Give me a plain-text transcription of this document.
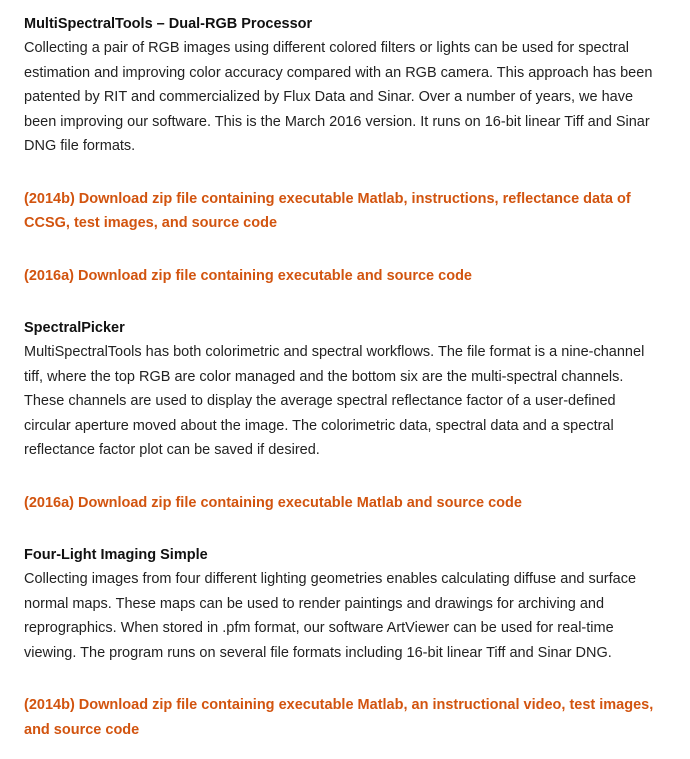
MultiSpectralTools – Dual-RGB Processor
Collecting a pair of RGB images using different colored filters or lights can be used for spectral estimation and improving color accuracy compared with an RGB camera. This approach has been patented by RIT and commercialized by Flux Data and Sinar. Over a number of years, we have been improving our software. This is the March 2016 version. It runs on 16-bit linear Tiff and Sinar DNG file formats.
(2014b) Download zip file containing executable Matlab, instructions, reflectance data of CCSG, test images, and source code
(2016a) Download zip file containing executable and source code
SpectralPicker
MultiSpectralTools has both colorimetric and spectral workflows. The file format is a nine-channel tiff, where the top RGB are color managed and the bottom six are the multi-spectral channels. These channels are used to display the average spectral reflectance factor of a user-defined circular aperture moved about the image. The colorimetric data, spectral data and a spectral reflectance factor plot can be saved if desired.
(2016a) Download zip file containing executable Matlab and source code
Four-Light Imaging Simple
Collecting images from four different lighting geometries enables calculating diffuse and surface normal maps. These maps can be used to render paintings and drawings for archiving and reprographics. When stored in .pfm format, our software ArtViewer can be used for real-time viewing. The program runs on several file formats including 16-bit linear Tiff and Sinar DNG.
(2014b) Download zip file containing executable Matlab, an instructional video, test images, and source code
